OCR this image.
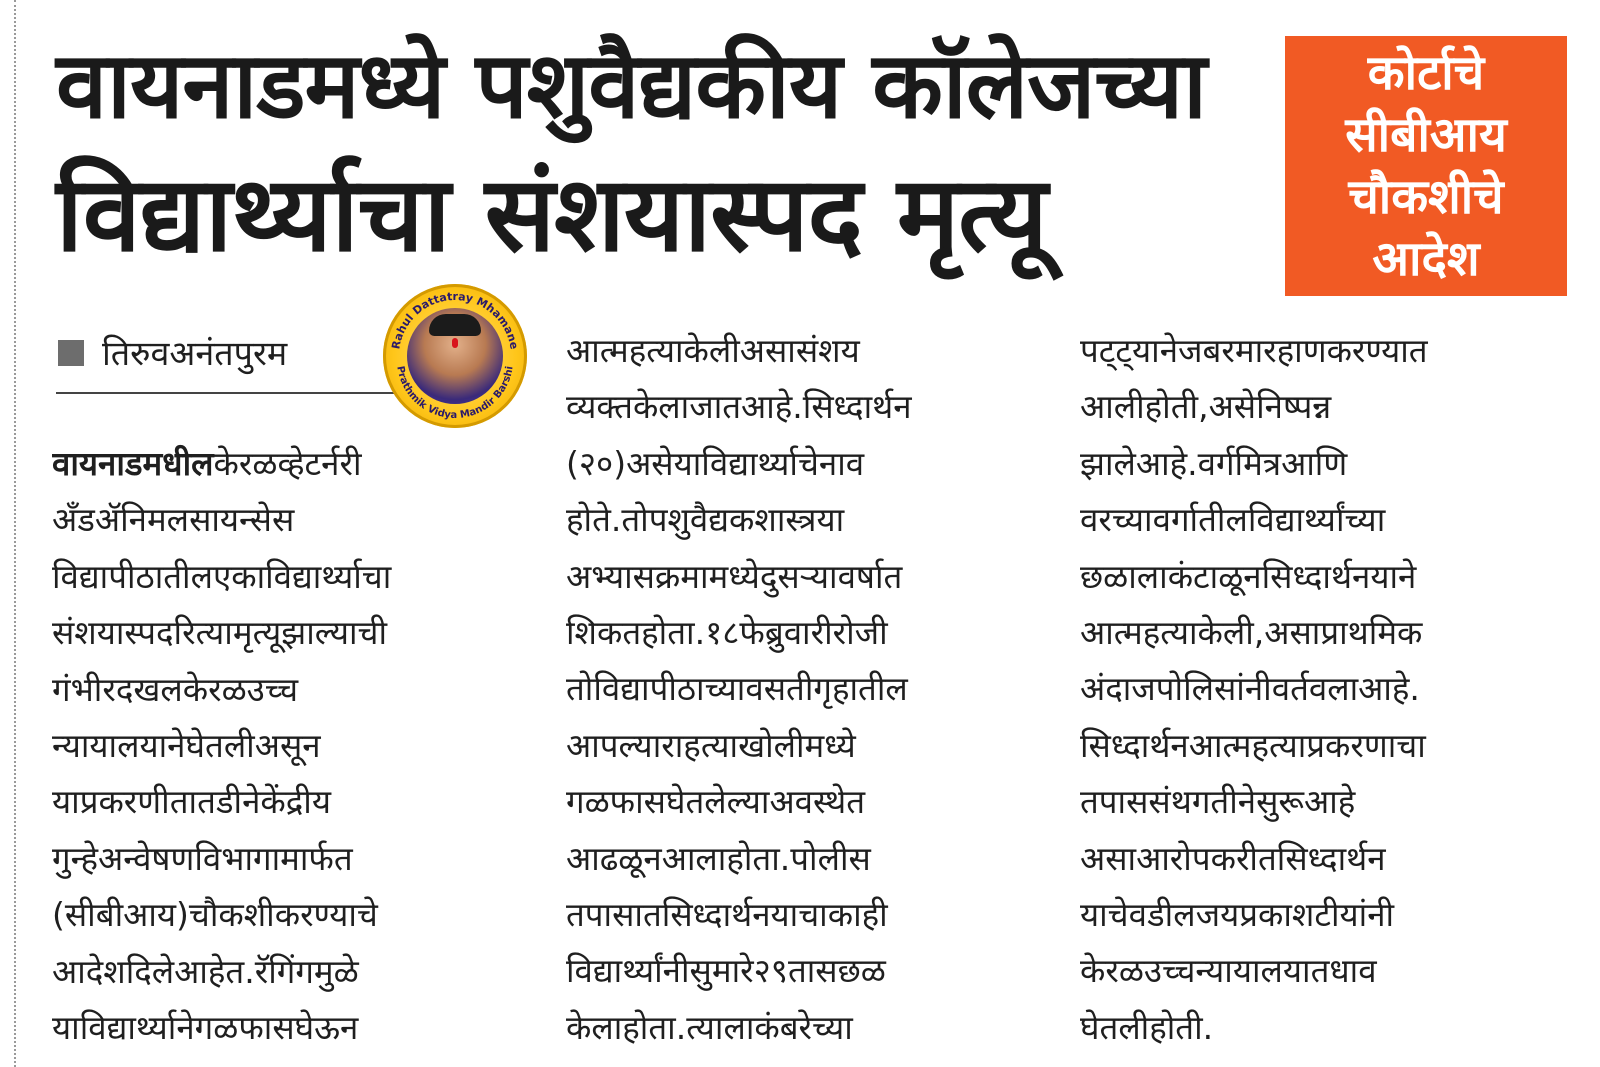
वायनाडमध्ये पशुवैद्यकीय कॉलेजच्या
विद्यार्थ्याचा संशयास्पद मृत्यू
कोर्टाचे
सीबीआय
चौकशीचे
आदेश
तिरुवअनंतपुरम	Rahul Dattatray Mhamane
Prathmik Vidya Mandir Barshi
वायनाडमधीलकेरळव्हेटर्नरी
अँडॲनिमलसायन्सेस
विद्यापीठातीलएकाविद्यार्थ्याचा
संशयास्पदरित्यामृत्यूझाल्याची
गंभीरदखलकेरळउच्च
न्यायालयानेघेतलीअसून
याप्रकरणीतातडीनेकेंद्रीय
गुन्हेअन्वेषणविभागामार्फत
(सीबीआय)चौकशीकरण्याचे
आदेशदिलेआहेत.रॅगिंगमुळे
याविद्यार्थ्यानेगळफासघेऊन
आत्महत्याकेलीअसासंशय
व्यक्तकेलाजातआहे.सिध्दार्थन
(२०)असेयाविद्यार्थ्याचेनाव
होते.तोपशुवैद्यकशास्त्रया
अभ्यासक्रमामध्येदुसऱ्यावर्षात
शिकतहोता.१८फेब्रुवारीरोजी
तोविद्यापीठाच्यावसतीगृहातील
आपल्याराहत्याखोलीमध्ये
गळफासघेतलेल्याअवस्थेत
आढळूनआलाहोता.पोलीस
तपासातसिध्दार्थनयाचाकाही
विद्यार्थ्यांनीसुमारे२९तासछळ
केलाहोता.त्यालाकंबरेच्या
पट्ट्यानेजबरमारहाणकरण्यात
आलीहोती,असेनिष्पन्न
झालेआहे.वर्गमित्रआणि
वरच्यावर्गातीलविद्यार्थ्यांच्या
छळालाकंटाळूनसिध्दार्थनयाने
आत्महत्याकेली,असाप्राथमिक
अंदाजपोलिसांनीवर्तवलाआहे.
सिध्दार्थनआत्महत्याप्रकरणाचा
तपाससंथगतीनेसुरूआहे
असाआरोपकरीतसिध्दार्थन
याचेवडीलजयप्रकाशटीयांनी
केरळउच्चन्यायालयातधाव
घेतलीहोती.
